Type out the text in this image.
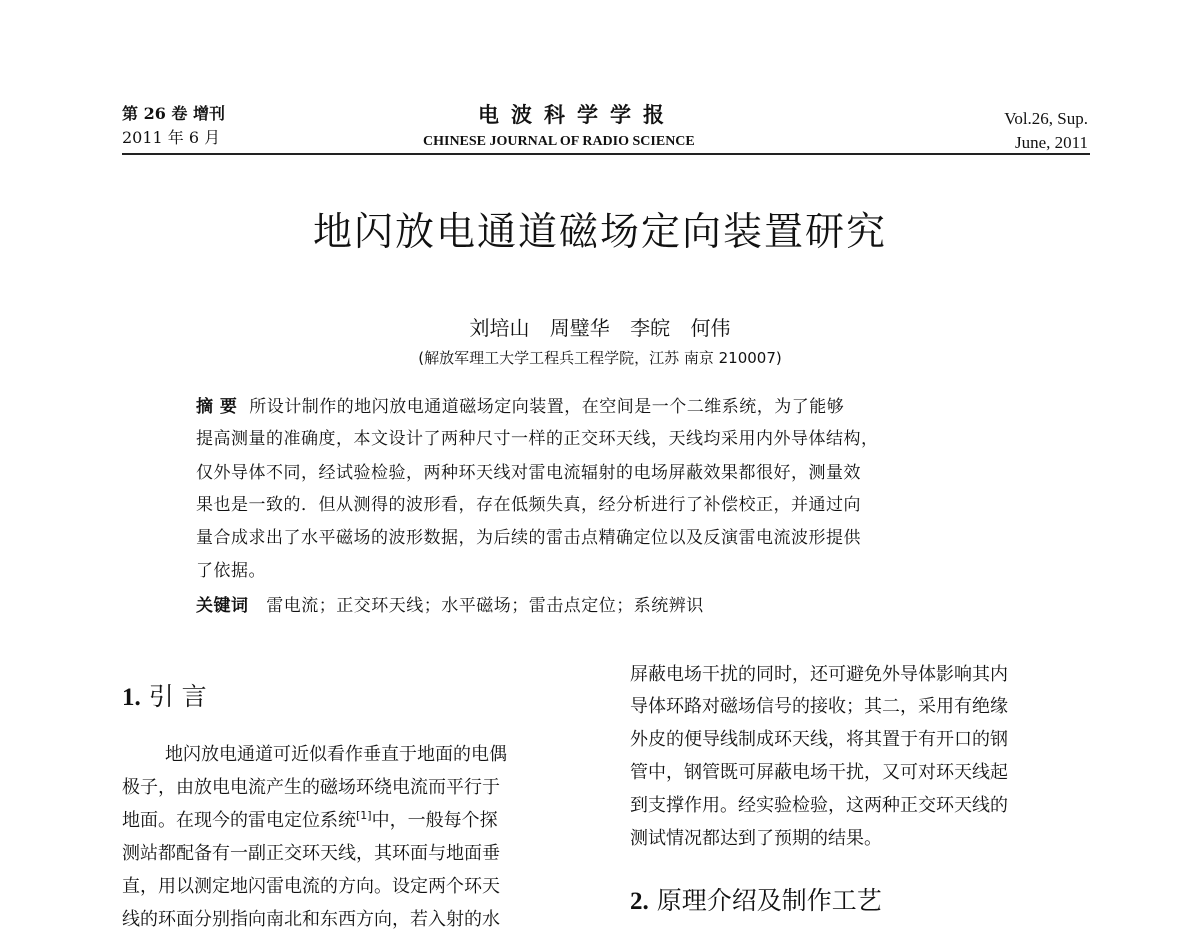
第 26 卷 增刊
2011 年 6 月
电波科学学报
CHINESE JOURNAL OF RADIO SCIENCE
Vol.26, Sup.
June, 2011
地闪放电通道磁场定向装置研究
刘培山 周璧华 李皖 何伟
(解放军理工大学工程兵工程学院，江苏 南京 210007)
摘 要 所设计制作的地闪放电通道磁场定向装置，在空间是一个二维系统，为了能够
提高测量的准确度，本文设计了两种尺寸一样的正交环天线，天线均采用内外导体结构，
仅外导体不同，经试验检验，两种环天线对雷电流辐射的电场屏蔽效果都很好，测量效
果也是一致的．但从测得的波形看，存在低频失真，经分析进行了补偿校正，并通过向
量合成求出了水平磁场的波形数据，为后续的雷击点精确定位以及反演雷电流波形提供
了依据。
关键词 雷电流；正交环天线；水平磁场；雷击点定位；系统辨识
1. 引 言
地闪放电通道可近似看作垂直于地面的电偶
极子，由放电电流产生的磁场环绕电流而平行于
地面。在现今的雷电定位系统[1]中，一般每个探
测站都配备有一副正交环天线，其环面与地面垂
直，用以测定地闪雷电流的方向。设定两个环天
线的环面分别指向南北和东西方向，若入射的水
屏蔽电场干扰的同时，还可避免外导体影响其内
导体环路对磁场信号的接收；其二，采用有绝缘
外皮的便导线制成环天线，将其置于有开口的钢
管中，钢管既可屏蔽电场干扰，又可对环天线起
到支撑作用。经实验检验，这两种正交环天线的
测试情况都达到了预期的结果。
2. 原理介绍及制作工艺
